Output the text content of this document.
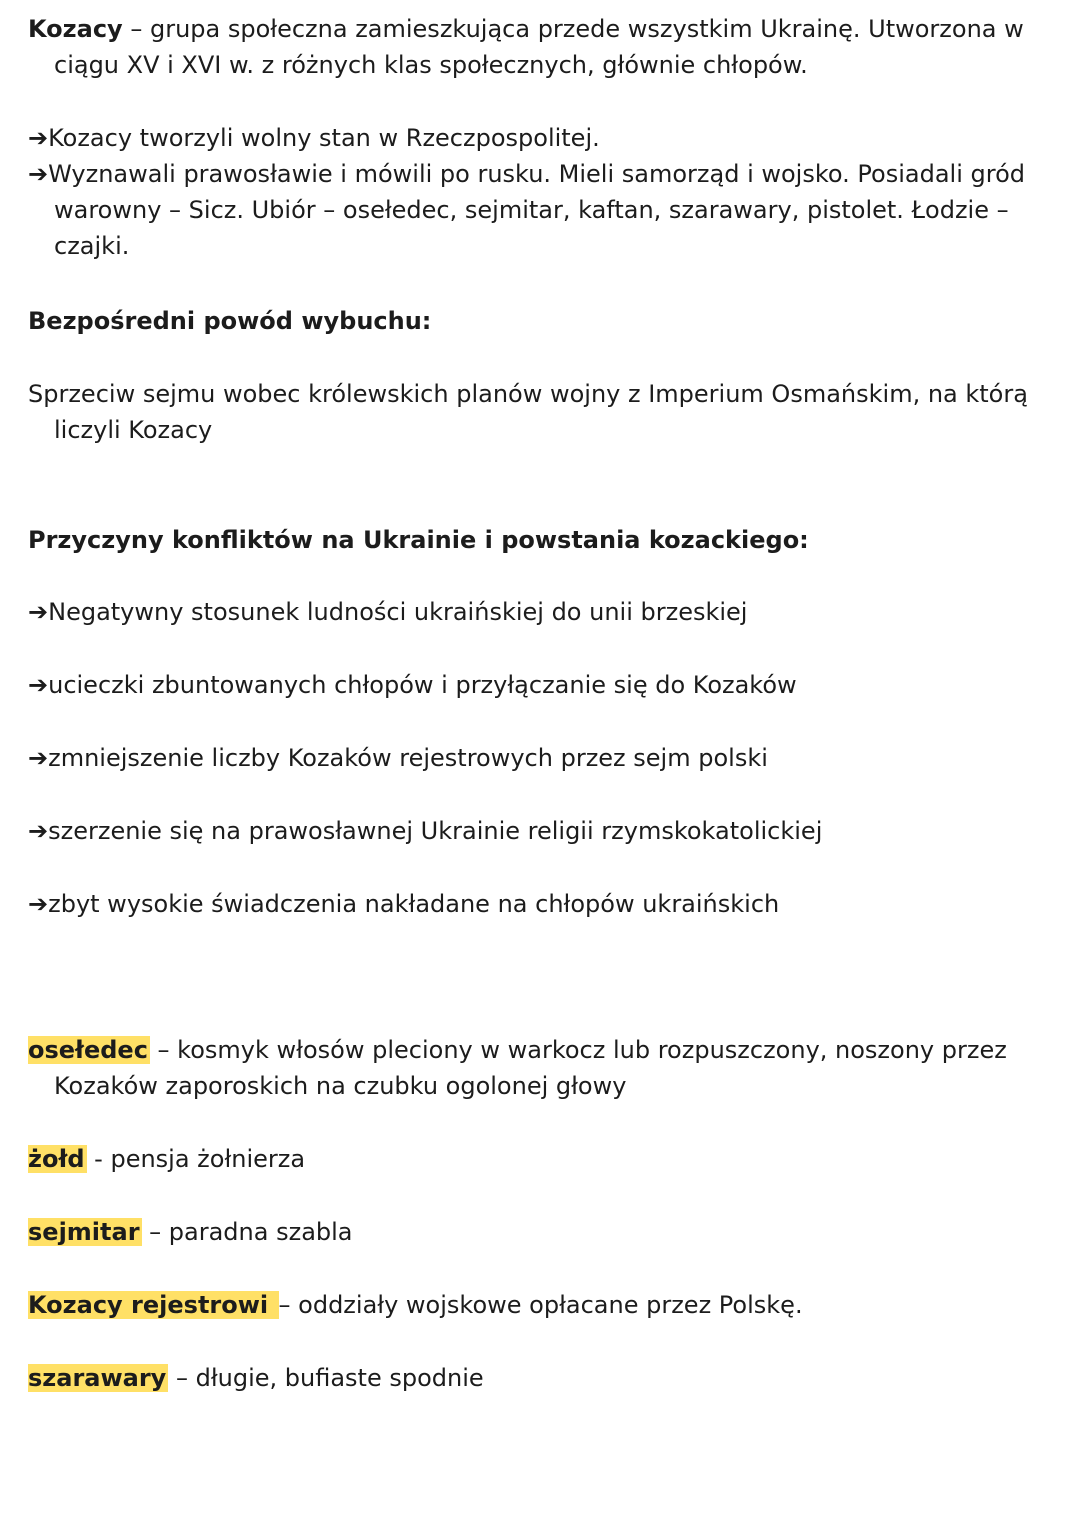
Kozacy – grupa społeczna zamieszkująca przede wszystkim Ukrainę. Utworzona w ciągu XV i XVI w. z różnych klas społecznych, głównie chłopów.

➔Kozacy tworzyli wolny stan w Rzeczpospolitej.

➔Wyznawali prawosławie i mówili po rusku. Mieli samorząd i wojsko. Posiadali gród warowny – Sicz. Ubiór – osełedec, sejmitar, kaftan, szarawary, pistolet. Łodzie – czajki.

Bezpośredni powód wybuchu:

Sprzeciw sejmu wobec królewskich planów wojny z Imperium Osmańskim, na którą liczyli Kozacy

Przyczyny konfliktów na Ukrainie i powstania kozackiego:

➔Negatywny stosunek ludności ukraińskiej do unii brzeskiej

➔ucieczki zbuntowanych chłopów i przyłączanie się do Kozaków

➔zmniejszenie liczby Kozaków rejestrowych przez sejm polski

➔szerzenie się na prawosławnej Ukrainie religii rzymskokatolickiej

➔zbyt wysokie świadczenia nakładane na chłopów ukraińskich

osełedec – kosmyk włosów pleciony w warkocz lub rozpuszczony, noszony przez Kozaków zaporoskich na czubku ogolonej głowy

żołd - pensja żołnierza

sejmitar – paradna szabla

Kozacy rejestrowi – oddziały wojskowe opłacane przez Polskę.

szarawary – długie, bufiaste spodnie
